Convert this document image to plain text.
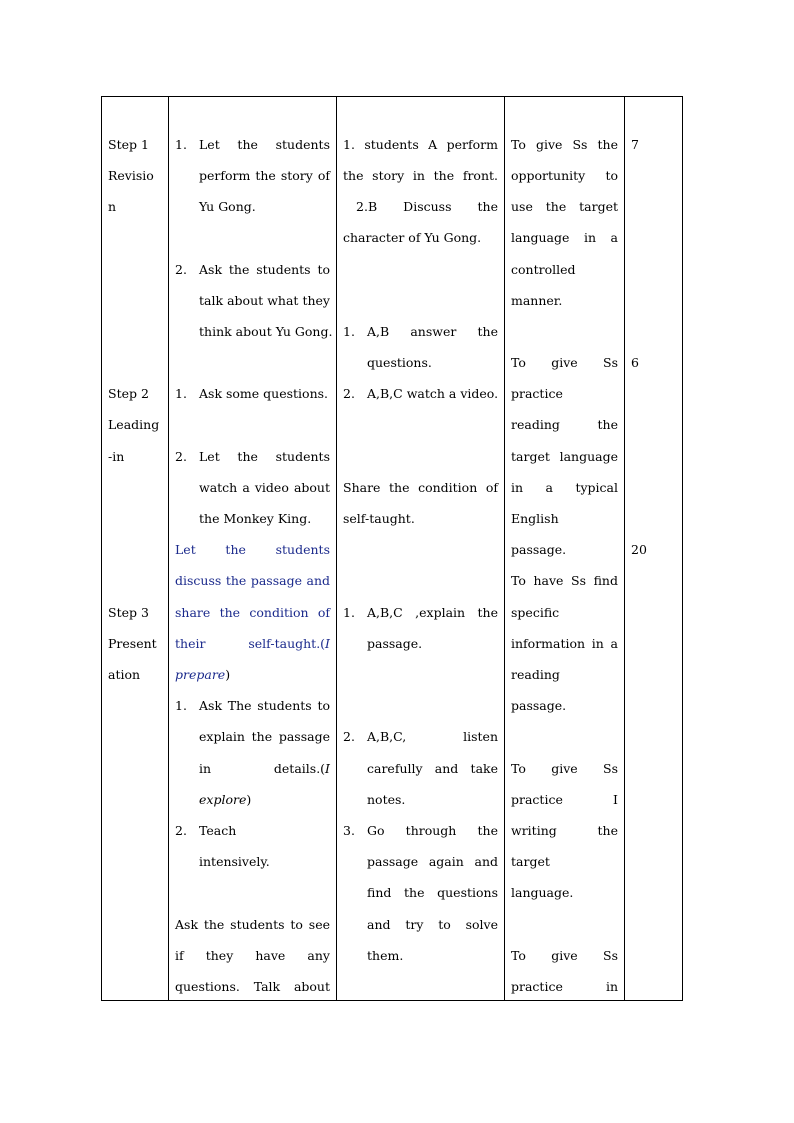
Step 1
Revisio
n
Step 2
Leading
-in
Step 3
Present
ation
1. Let the students
perform the story of
Yu Gong.
2. Ask the students to
talk about what they
think about Yu Gong.
1. Ask some questions.
2. Let the students
watch a video about
the Monkey King.
Let the students
discuss the passage and
share the condition of
their	self-taught.(I
prepare)
1. Ask The students to
explain the passage
in	details.(I
explore)
2. Teach
intensively.
Ask the students to see
if they have any
questions. Talk about
1. students A perform
the story in the front.
2.B  Discuss  the
character of Yu Gong.
1. A,B  answer  the
questions.
2. A,B,C watch a video.
Share the condition of
self-taught.
1. A,B,C ,explain the
passage.
2. A,B,C,      listen
carefully and take
notes.
3. Go through the
passage again and
find the questions
and try to solve
them.
To give Ss the
opportunity to
use the target
language in a
controlled
manner.
To give Ss
practice
reading the
target language
in a typical
English
passage.
To have Ss find
specific
information in a
reading
passage.
To give Ss
practice I
writing the
target
language.
To give Ss
practice in
7
6
20
